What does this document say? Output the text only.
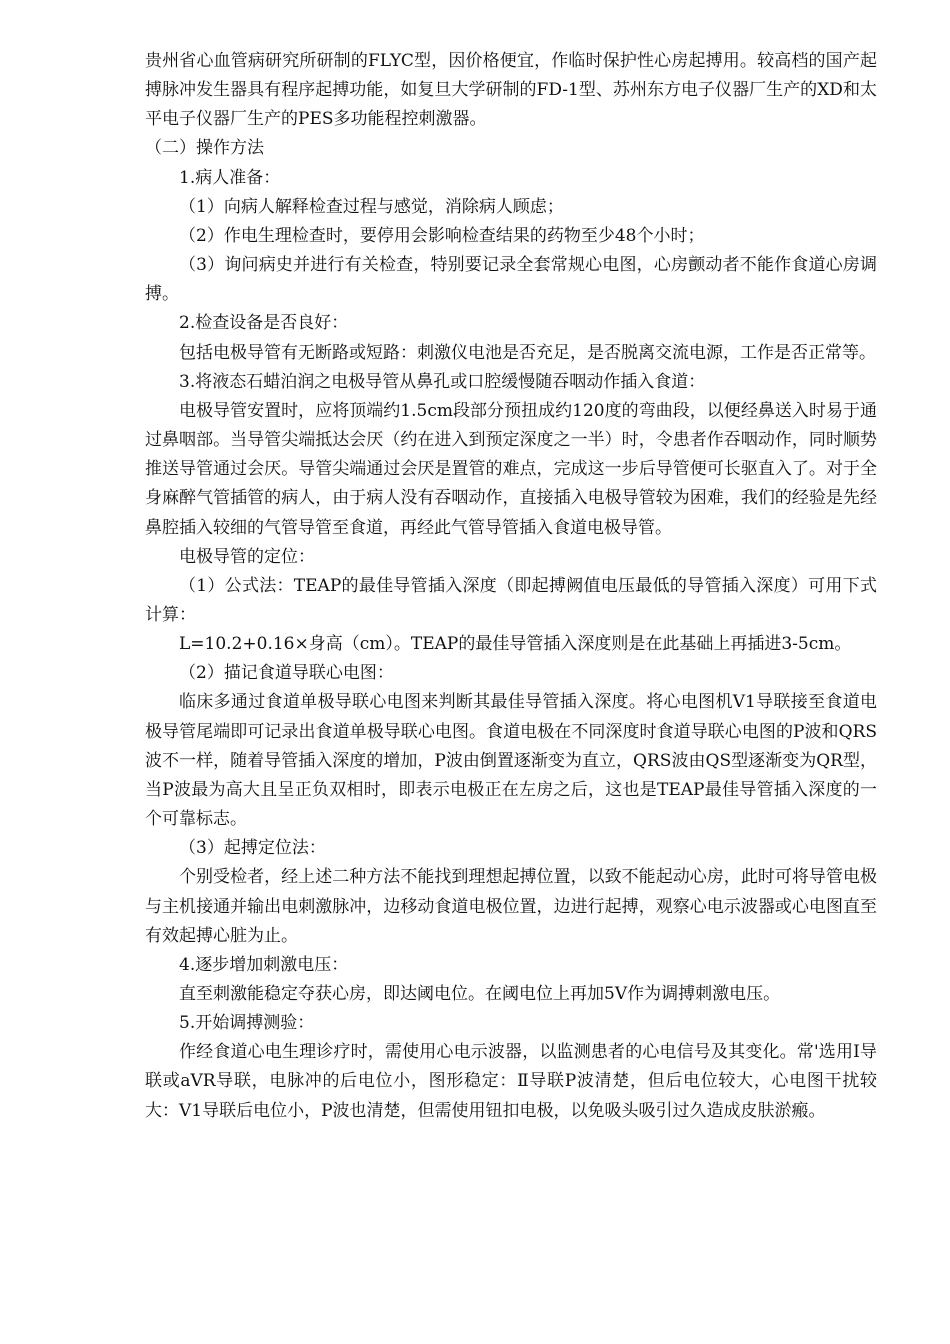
贵州省心血管病研究所研制的FLYC型，因价格便宜，作临时保护性心房起搏用。较高档的国产起搏脉冲发生器具有程序起搏功能，如复旦大学研制的FD-1型、苏州东方电子仪器厂生产的XD和太平电子仪器厂生产的PES多功能程控刺激器。

（二）操作方法

1.病人准备：

（1）向病人解释检查过程与感觉，消除病人顾虑；

（2）作电生理检查时，要停用会影响检查结果的药物至少48个小时；

（3）询问病史并进行有关检查，特别要记录全套常规心电图，心房颤动者不能作食道心房调搏。

2.检查设备是否良好：

包括电极导管有无断路或短路：刺激仪电池是否充足，是否脱离交流电源，工作是否正常等。

3.将液态石蜡泊润之电极导管从鼻孔或口腔缓慢随吞咽动作插入食道：

电极导管安置时，应将顶端约1.5cm段部分预扭成约120度的弯曲段，以便经鼻送入时易于通过鼻咽部。当导管尖端抵达会厌（约在进入到预定深度之一半）时，令患者作吞咽动作，同时顺势推送导管通过会厌。导管尖端通过会厌是置管的难点，完成这一步后导管便可长驱直入了。对于全身麻醉气管插管的病人，由于病人没有吞咽动作，直接插入电极导管较为困难，我们的经验是先经鼻腔插入较细的气管导管至食道，再经此气管导管插入食道电极导管。

电极导管的定位：

（1）公式法：TEAP的最佳导管插入深度（即起搏阙值电压最低的导管插入深度）可用下式计算：

L=10.2+0.16×身高（cm）。TEAP的最佳导管插入深度则是在此基础上再插进3-5cm。

（2）描记食道导联心电图：

临床多通过食道单极导联心电图来判断其最佳导管插入深度。将心电图机V1导联接至食道电极导管尾端即可记录出食道单极导联心电图。食道电极在不同深度时食道导联心电图的P波和QRS波不一样，随着导管插入深度的增加，P波由倒置逐渐变为直立，QRS波由QS型逐渐变为QR型，当P波最为高大且呈正负双相时，即表示电极正在左房之后，这也是TEAP最佳导管插入深度的一个可靠标志。

（3）起搏定位法：

个别受检者，经上述二种方法不能找到理想起搏位置，以致不能起动心房，此时可将导管电极与主机接通并输出电刺激脉冲，边移动食道电极位置，边进行起搏，观察心电示波器或心电图直至有效起搏心脏为止。

4.逐步增加刺激电压：

直至刺激能稳定夺获心房，即达阈电位。在阈电位上再加5V作为调搏刺激电压。

5.开始调搏测验：

作经食道心电生理诊疗时，需使用心电示波器，以监测患者的心电信号及其变化。常'选用Ⅰ导联或aVR导联，电脉冲的后电位小，图形稳定：Ⅱ导联P波清楚，但后电位较大，心电图干扰较大：V1导联后电位小，P波也清楚，但需使用钮扣电极，以免吸头吸引过久造成皮肤淤瘢。
